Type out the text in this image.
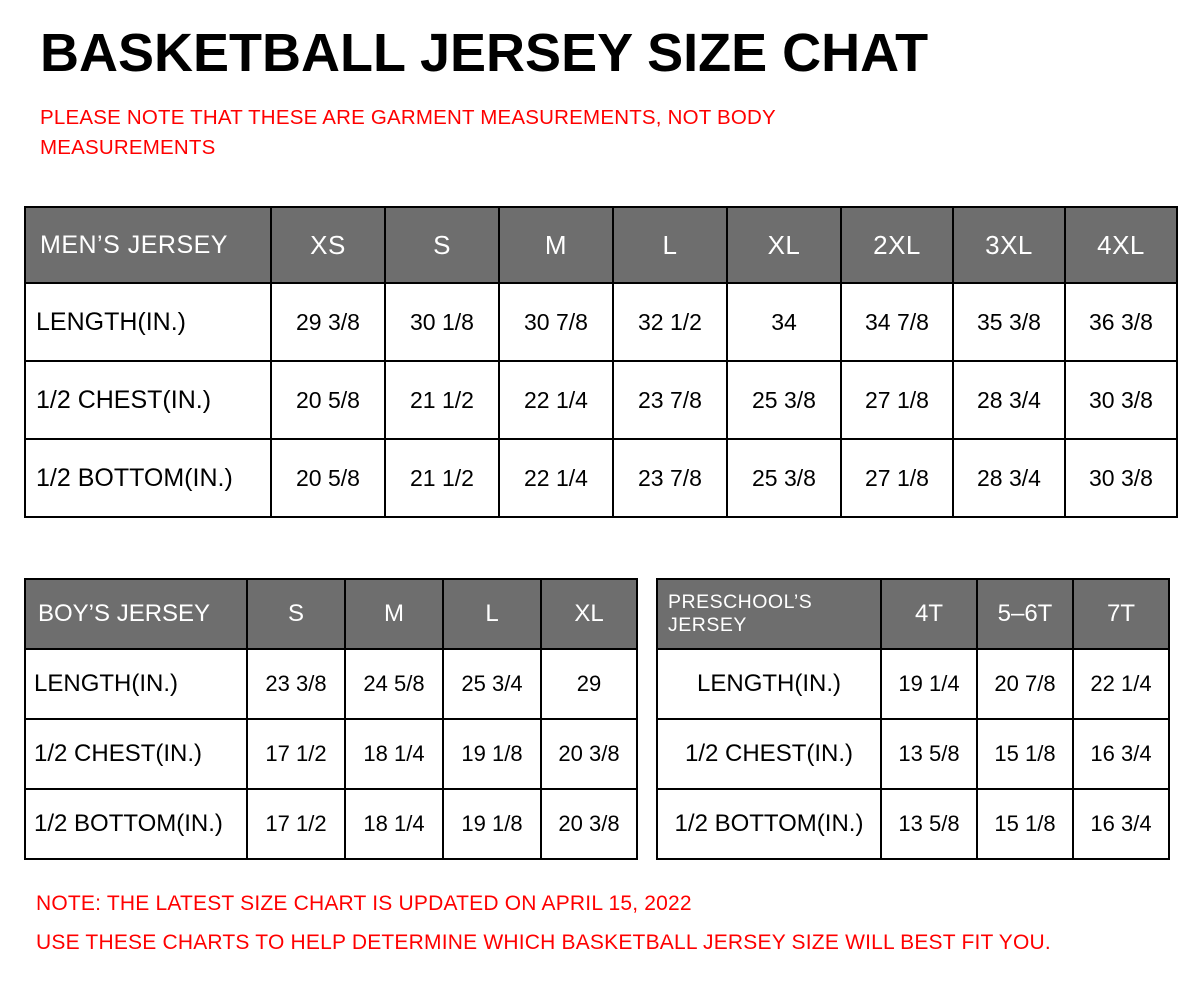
BASKETBALL JERSEY SIZE CHAT
PLEASE NOTE THAT THESE ARE GARMENT MEASUREMENTS, NOT BODY MEASUREMENTS
MEN’S JERSEY	XS	S	M	L	XL	2XL	3XL	4XL
LENGTH(IN.)	29 3/8	30 1/8	30 7/8	32 1/2	34	34 7/8	35 3/8	36 3/8
1/2 CHEST(IN.)	20 5/8	21 1/2	22 1/4	23 7/8	25 3/8	27 1/8	28 3/4	30 3/8
1/2 BOTTOM(IN.)	20 5/8	21 1/2	22 1/4	23 7/8	25 3/8	27 1/8	28 3/4	30 3/8
BOY’S JERSEY	S	M	L	XL
LENGTH(IN.)	23 3/8	24 5/8	25 3/4	29
1/2 CHEST(IN.)	17 1/2	18 1/4	19 1/8	20 3/8
1/2 BOTTOM(IN.)	17 1/2	18 1/4	19 1/8	20 3/8
PRESCHOOL’S JERSEY	4T	5–6T	7T
LENGTH(IN.)	19 1/4	20 7/8	22 1/4
1/2 CHEST(IN.)	13 5/8	15 1/8	16 3/4
1/2 BOTTOM(IN.)	13 5/8	15 1/8	16 3/4
NOTE: THE LATEST SIZE CHART IS UPDATED ON APRIL 15, 2022
USE THESE CHARTS TO HELP DETERMINE WHICH BASKETBALL JERSEY SIZE WILL BEST FIT YOU.
